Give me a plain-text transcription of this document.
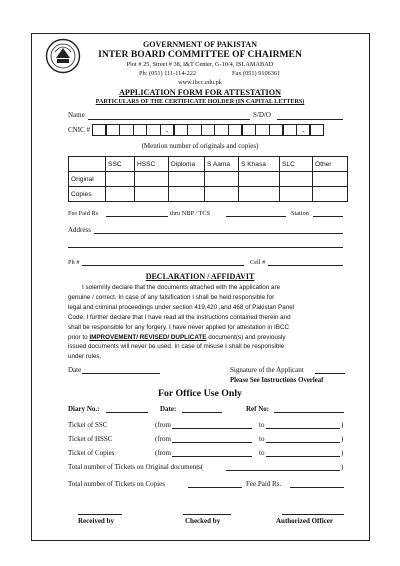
GOVERNMENT OF PAKISTAN
INTER BOARD COMMITTEE OF CHAIRMEN
Plot # 25, Street # 38, I&T Center, G-10/4, ISLAMABAD
Ph: (051) 111-114-222	Fax (051) 9106361
www.ibcc.edu.pk
APPLICATION FORM FOR ATTESTATION
PARTICULARS OF THE CERTIFICATE HOLDER (IN CAPITAL LETTERS)
Name	S/D/O
CNIC #	-	-
(Mention number of originals and copies)
	SSC	HSSC	Diploma	S Aama	S Khasa	SLC	Other
Original							
Copies							
Fee Paid Rs	thru NBP / TCS	Station
Address
Ph #	Cell #
DECLARATION / AFFIDAVIT
I solemnly declare that the documents attached with the application are
genuine / correct. In case of any falsification I shall be held responsible for
legal and criminal proceedings under section 419,420 ,and 468 of Pakistan Panel
Code. I further declare that I have read all the instructions contained therein and
shall be responsible for any forgery. I have never applied for attestation in IBCC
prior to IMPROVEMENT/ REVISED/ DUPLICATE document(s) and previously
issued documents will never be used. In case of misuse I shall be responsible
under rules.
Date	Signature of the Applicant
Please See Instructions Overleaf
For Office Use Only
Diary No.:	Date:	Ref No:
Ticket of SSC	(from	to	)
Ticket of HSSC	(from	to	)
Ticket of Copies	(from	to	)
Total number of Tickets on Original documents(	)
Total number of Tickets on Copies	Fee Paid Rs.
Received by	Checked by	Authorized Officer
